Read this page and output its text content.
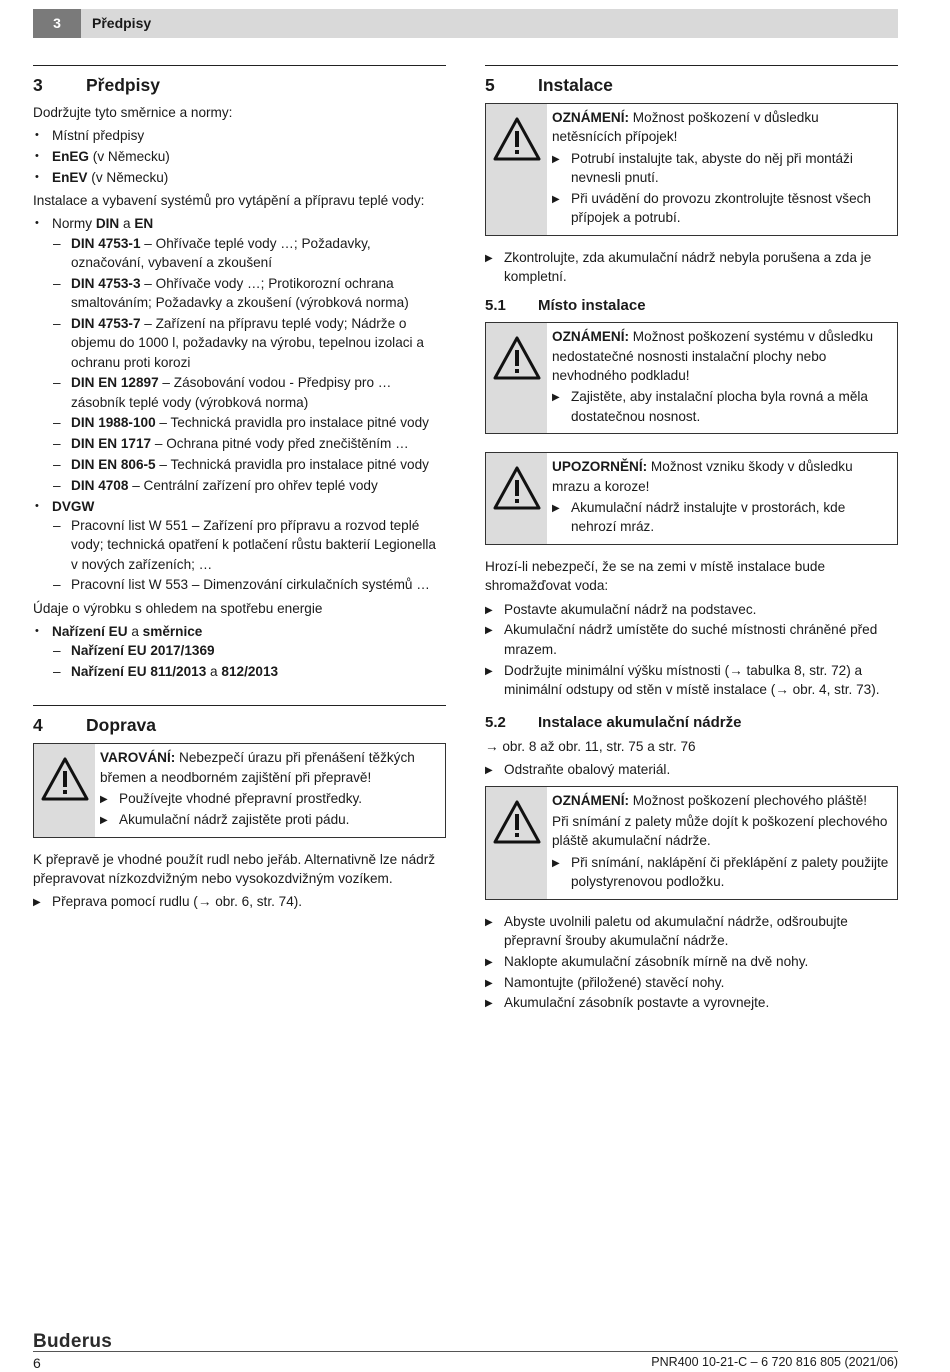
3	Předpisy
3	Předpisy

Dodržujte tyto směrnice a normy:

• Místní předpisy
• EnEG (v Německu)
• EnEV (v Německu)

Instalace a vybavení systémů pro vytápění a přípravu teplé vody:

• Normy DIN a EN
– DIN 4753-1 – Ohřívače teplé vody …; Požadavky, označování, vybavení a zkoušení
– DIN 4753-3 – Ohřívače vody …; Protikorozní ochrana smaltováním; Požadavky a zkoušení (výrobková norma)
– DIN 4753-7 – Zařízení na přípravu teplé vody; Nádrže o objemu do 1000 l, požadavky na výrobu, tepelnou izolaci a ochranu proti korozi
– DIN EN 12897 – Zásobování vodou - Předpisy pro … zásobník teplé vody (výrobková norma)
– DIN 1988-100 – Technická pravidla pro instalace pitné vody
– DIN EN 1717 – Ochrana pitné vody před znečištěním …
– DIN EN 806-5 – Technická pravidla pro instalace pitné vody
– DIN 4708 – Centrální zařízení pro ohřev teplé vody
• DVGW
– Pracovní list W 551 – Zařízení pro přípravu a rozvod teplé vody; technická opatření k potlačení růstu bakterií Legionella v nových zařízeních; …
– Pracovní list W 553 – Dimenzování cirkulačních systémů …

Údaje o výrobku s ohledem na spotřebu energie

• Nařízení EU a směrnice
– Nařízení EU 2017/1369
– Nařízení EU 811/2013 a 812/2013
4	Doprava

VAROVÁNÍ: Nebezpečí úrazu při přenášení těžkých břemen a neodborném zajištění při přepravě!

▶ Používejte vhodné přepravní prostředky.
▶ Akumulační nádrž zajistěte proti pádu.

K přepravě je vhodné použít rudl nebo jeřáb. Alternativně lze nádrž přepravovat nízkozdvižným nebo vysokozdvižným vozíkem.

▶ Přeprava pomocí rudlu (→ obr. 6, str. 74).
5	Instalace

OZNÁMENÍ: Možnost poškození v důsledku netěsnících přípojek!

▶ Potrubí instalujte tak, abyste do něj při montáži nevnesli pnutí.
▶ Při uvádění do provozu zkontrolujte těsnost všech přípojek a potrubí.
▶ Zkontrolujte, zda akumulační nádrž nebyla porušena a zda je kompletní.
5.1	Místo instalace

OZNÁMENÍ: Možnost poškození systému v důsledku nedostatečné nosnosti instalační plochy nebo nevhodného podkladu!

▶ Zajistěte, aby instalační plocha byla rovná a měla dostatečnou nosnost.

UPOZORNĚNÍ: Možnost vzniku škody v důsledku mrazu a koroze!

▶ Akumulační nádrž instalujte v prostorách, kde nehrozí mráz.

Hrozí-li nebezpečí, že se na zemi v místě instalace bude shromažďovat voda:

▶ Postavte akumulační nádrž na podstavec.
▶ Akumulační nádrž umístěte do suché místnosti chráněné před mrazem.
▶ Dodržujte minimální výšku místnosti (→ tabulka 8, str. 72) a minimální odstupy od stěn v místě instalace (→ obr. 4, str. 73).
5.2	Instalace akumulační nádrže

→ obr. 8 až obr. 11, str. 75 a str. 76

▶ Odstraňte obalový materiál.

OZNÁMENÍ: Možnost poškození plechového pláště!

Při snímání z palety může dojít k poškození plechového pláště akumulační nádrže.

▶ Při snímání, naklápění či překlápění z palety použijte polystyrenovou podložku.
▶ Abyste uvolnili paletu od akumulační nádrže, odšroubujte přepravní šrouby akumulační nádrže.
▶ Naklopte akumulační zásobník mírně na dvě nohy.
▶ Namontujte (přiložené) stavěcí nohy.
▶ Akumulační zásobník postavte a vyrovnejte.
Buderus
6	PNR400 10-21-C – 6 720 816 805 (2021/06)
